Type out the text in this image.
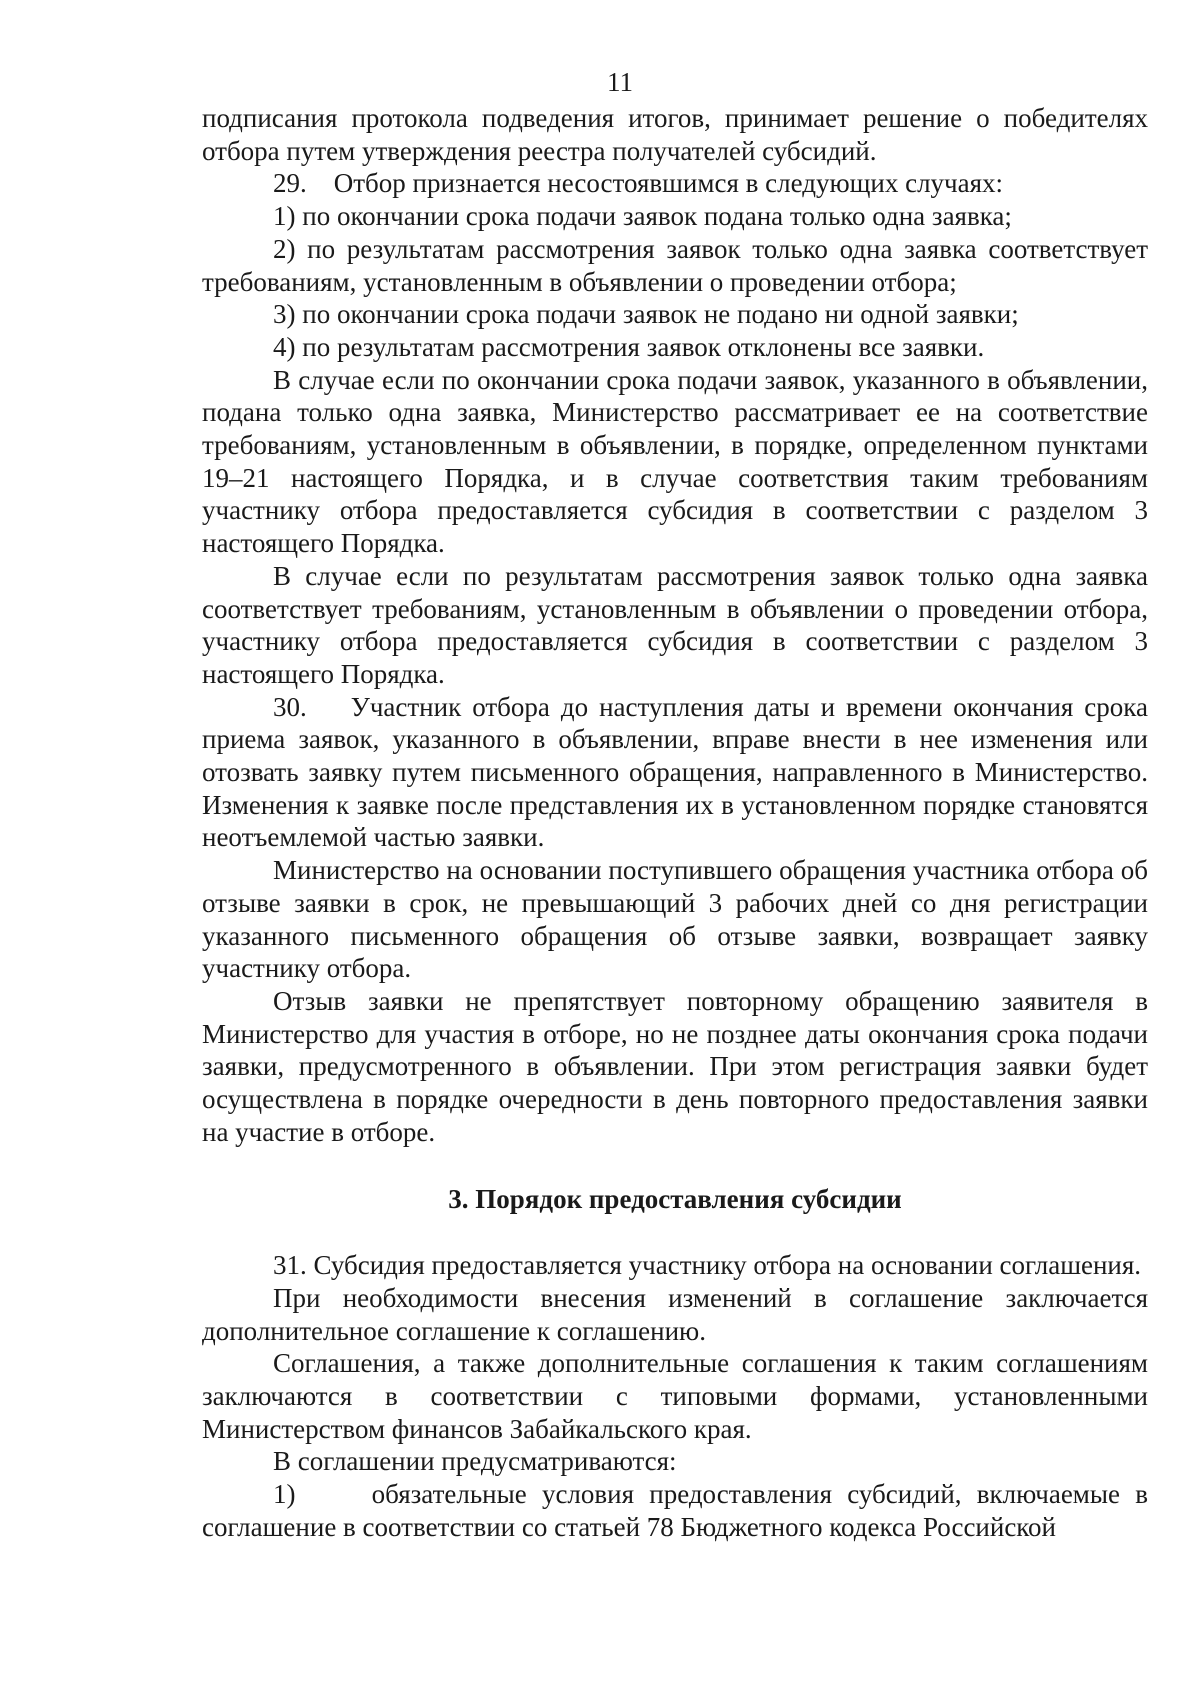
11

подписания протокола подведения итогов, принимает решение о победителях отбора путем утверждения реестра получателей субсидий.

29.    Отбор признается несостоявшимся в следующих случаях:

1) по окончании срока подачи заявок подана только одна заявка;

2) по результатам рассмотрения заявок только одна заявка соответствует требованиям, установленным в объявлении о проведении отбора;

3) по окончании срока подачи заявок не подано ни одной заявки;

4) по результатам рассмотрения заявок отклонены все заявки.

В случае если по окончании срока подачи заявок, указанного в объявлении, подана только одна заявка, Министерство рассматривает ее на соответствие требованиям, установленным в объявлении, в порядке, определенном пунктами 19–21 настоящего Порядка, и в случае соответствия таким требованиям участнику отбора предоставляется субсидия в соответствии с разделом 3 настоящего Порядка.

В случае если по результатам рассмотрения заявок только одна заявка соответствует требованиям, установленным в объявлении о проведении отбора, участнику отбора предоставляется субсидия в соответствии с разделом 3 настоящего Порядка.

30.    Участник отбора до наступления даты и времени окончания срока приема заявок, указанного в объявлении, вправе внести в нее изменения или отозвать заявку путем письменного обращения, направленного в Министерство. Изменения к заявке после представления их в установленном порядке становятся неотъемлемой частью заявки.

Министерство на основании поступившего обращения участника отбора об отзыве заявки в срок, не превышающий 3 рабочих дней со дня регистрации указанного письменного обращения об отзыве заявки, возвращает заявку участнику отбора.

Отзыв заявки не препятствует повторному обращению заявителя в Министерство для участия в отборе, но не позднее даты окончания срока подачи заявки, предусмотренного в объявлении. При этом регистрация заявки будет осуществлена в порядке очередности в день повторного предоставления заявки на участие в отборе.

3. Порядок предоставления субсидии

31. Субсидия предоставляется участнику отбора на основании соглашения.

При необходимости внесения изменений в соглашение заключается дополнительное соглашение к соглашению.

Соглашения, а также дополнительные соглашения к таким соглашениям заключаются в соответствии с типовыми формами, установленными Министерством финансов Забайкальского края.

В соглашении предусматриваются:

1)     обязательные условия предоставления субсидий, включаемые в соглашение в соответствии со статьей 78 Бюджетного кодекса Российской
